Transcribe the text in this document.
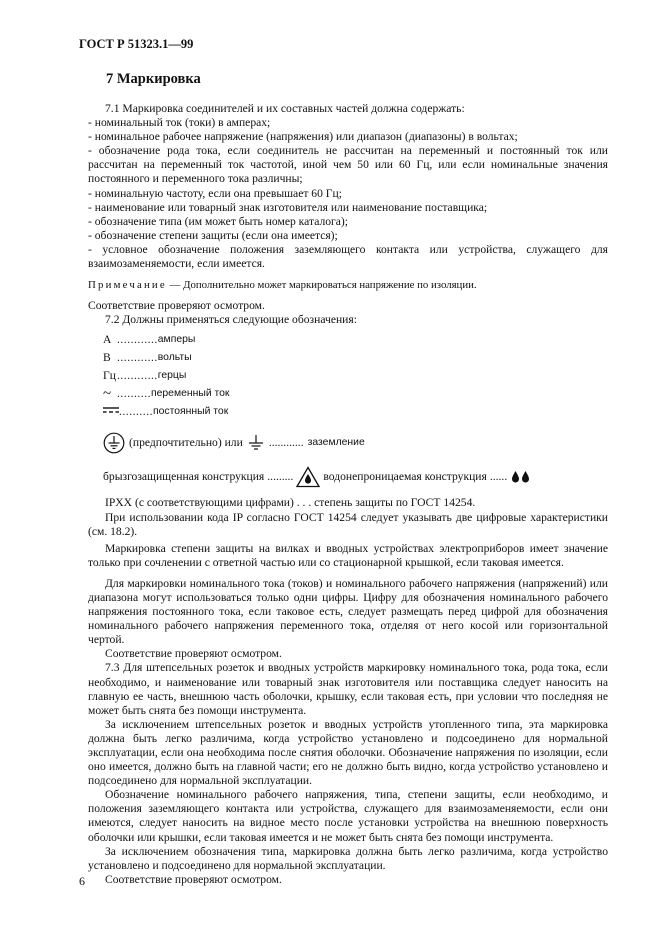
ГОСТ Р 51323.1—99
7 Маркировка

7.1 Маркировка соединителей и их составных частей должна содержать:

- номинальный ток (токи) в амперах;

- номинальное рабочее напряжение (напряжения) или диапазон (диапазоны) в вольтах;

- обозначение рода тока, если соединитель не рассчитан на переменный и постоянный ток или рассчитан на переменный ток частотой, иной чем 50 или 60 Гц, или если номинальные значения постоянного и переменного тока различны;

- номинальную частоту, если она превышает 60 Гц;

- наименование или товарный знак изготовителя или наименование поставщика;

- обозначение типа (им может быть номер каталога);

- обозначение степени защиты (если она имеется);

- условное обозначение положения заземляющего контакта или устройства, служащего для взаимозаменяемости, если имеется.

Примечание — Дополнительно может маркироваться напряжение по изоляции.

Соответствие проверяют осмотром.

7.2 Должны применяться следующие обозначения:

А ............ амперы
В ............ вольты
Гц ............ герцы
~ .......... переменный ток
.......... постоянный ток
(предпочтительно) или ............ заземление
брызгозащищенная конструкция .........	водонепроницаемая конструкция ......

IPXX (с соответствующими цифрами) . . . степень защиты по ГОСТ 14254.

При использовании кода IP согласно ГОСТ 14254 следует указывать две цифровые характеристики (см. 18.2).

Маркировка степени защиты на вилках и вводных устройствах электроприборов имеет значение только при сочленении с ответной частью или со стационарной крышкой, если таковая имеется.

Для маркировки номинального тока (токов) и номинального рабочего напряжения (напряжений) или диапазона могут использоваться только одни цифры. Цифру для обозначения номинального рабочего напряжения постоянного тока, если таковое есть, следует размещать перед цифрой для обозначения номинального рабочего напряжения переменного тока, отделяя от него косой или горизонтальной чертой.

Соответствие проверяют осмотром.

7.3 Для штепсельных розеток и вводных устройств маркировку номинального тока, рода тока, если необходимо, и наименование или товарный знак изготовителя или поставщика следует наносить на главную ее часть, внешнюю часть оболочки, крышку, если таковая есть, при условии что последняя не может быть снята без помощи инструмента.

За исключением штепсельных розеток и вводных устройств утопленного типа, эта маркировка должна быть легко различима, когда устройство установлено и подсоединено для нормальной эксплуатации, если она необходима после снятия оболочки. Обозначение напряжения по изоляции, если оно имеется, должно быть на главной части; его не должно быть видно, когда устройство установлено и подсоединено для нормальной эксплуатации.

Обозначение номинального рабочего напряжения, типа, степени защиты, если необходимо, и положения заземляющего контакта или устройства, служащего для взаимозаменяемости, если они имеются, следует наносить на видное место после установки устройства на внешнюю поверхность оболочки или крышки, если таковая имеется и не может быть снята без помощи инструмента.

За исключением обозначения типа, маркировка должна быть легко различима, когда устройство установлено и подсоединено для нормальной эксплуатации.

Соответствие проверяют осмотром.

6
